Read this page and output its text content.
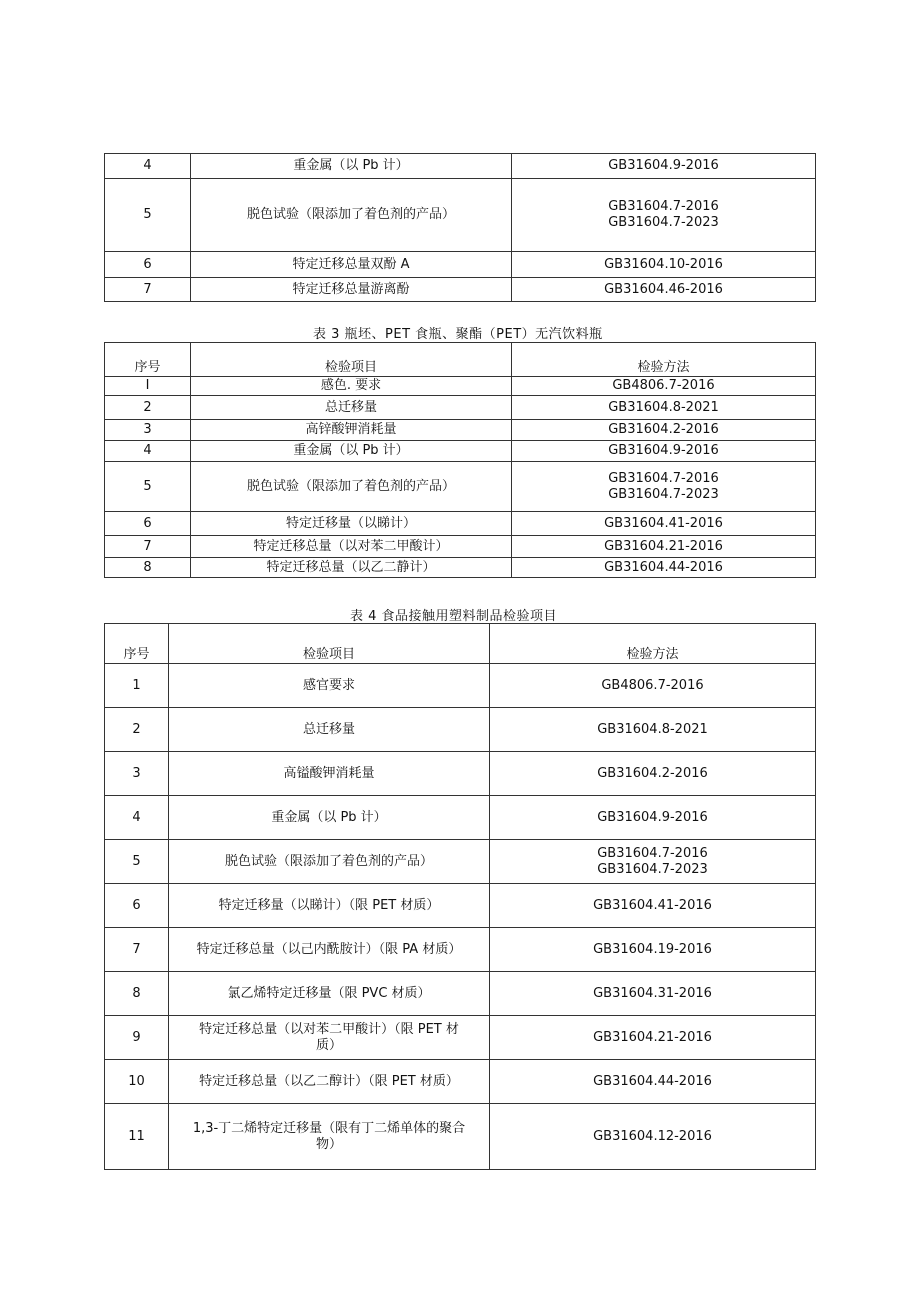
4	重金属（以 Pb 计）	GB31604.9-2016
5	脱色试验（限添加了着色剂的产品）	GB31604.7-2016
GB31604.7-2023
6	特定迁移总量双酚 A	GB31604.10-2016
7	特定迁移总量游离酚	GB31604.46-2016
表 3 瓶坯、PET 食瓶、聚酯（PET）无汽饮料瓶
序号	检验项目	检验方法
I	感色. 要求	GB4806.7-2016
2	总迁移量	GB31604.8-2021
3	高锌酸钾消耗量	GB31604.2-2016
4	重金属（以 Pb 计）	GB31604.9-2016
5	脱色试验（限添加了着色剂的产品）	GB31604.7-2016
GB31604.7-2023
6	特定迁移量（以睇计）	GB31604.41-2016
7	特定迁移总量（以对苯二甲酸计）	GB31604.21-2016
8	特定迁移总量（以乙二静计）	GB31604.44-2016
表 4 食品接触用塑料制品检验项目
序号	检验项目	检验方法
1	感官要求	GB4806.7-2016
2	总迁移量	GB31604.8-2021
3	高镒酸钾消耗量	GB31604.2-2016
4	重金属（以 Pb 计）	GB31604.9-2016
5	脱色试验（限添加了着色剂的产品）	GB31604.7-2016
GB31604.7-2023
6	特定迁移量（以睇计）（限 PET 材质）	GB31604.41-2016
7	特定迁移总量（以己内酰胺计）（限 PA 材质）	GB31604.19-2016
8	氯乙烯特定迁移量（限 PVC 材质）	GB31604.31-2016
9	特定迁移总量（以对苯二甲酸计）（限 PET 材
质）	GB31604.21-2016
10	特定迁移总量（以乙二醇计）（限 PET 材质）	GB31604.44-2016
11	1,3-丁二烯特定迁移量（限有丁二烯单体的聚合
物）	GB31604.12-2016
